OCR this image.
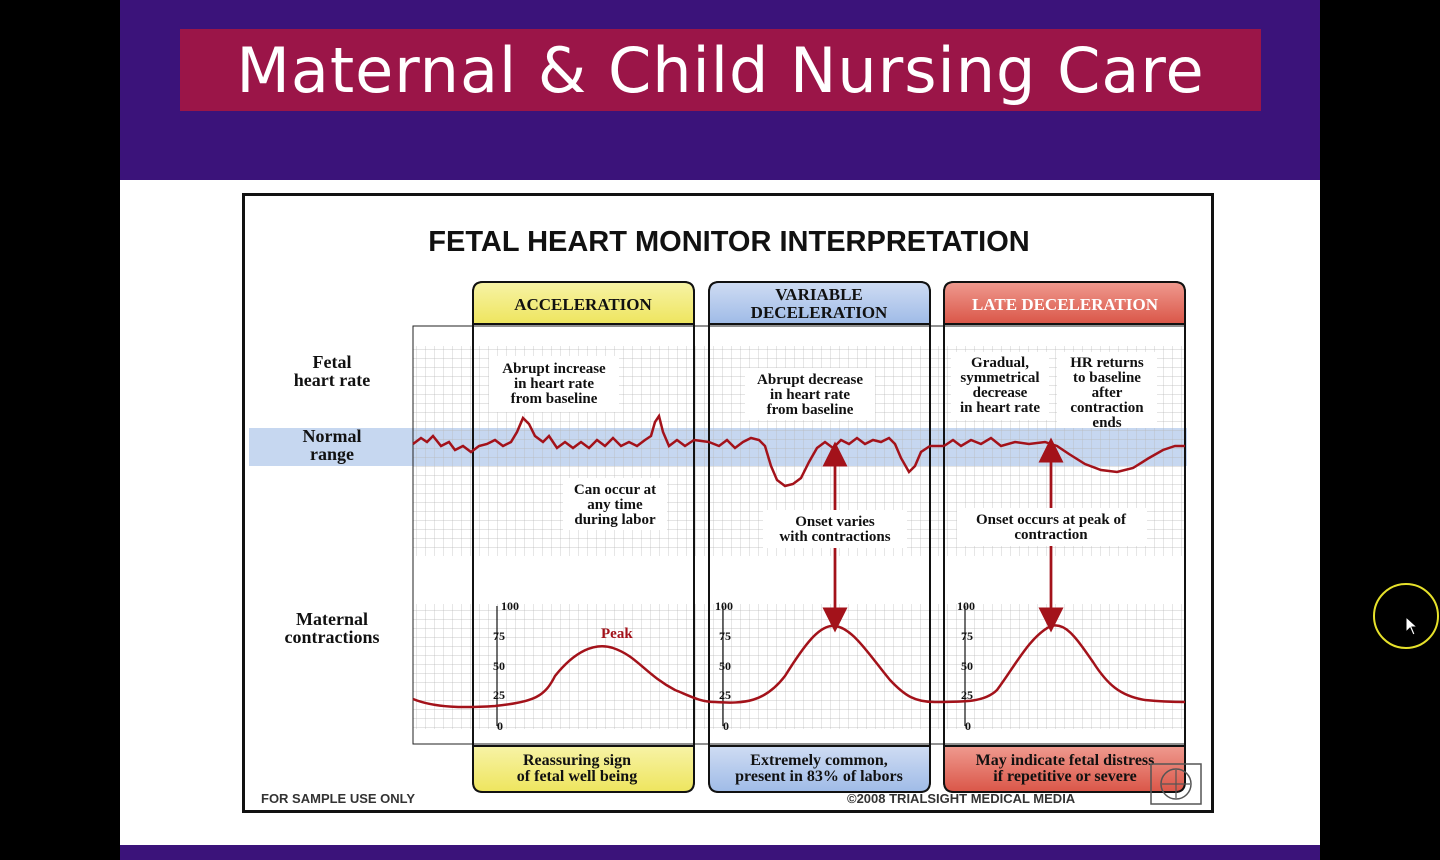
Maternal & Child Nursing Care
FETAL HEART MONITOR INTERPRETATION
ACCELERATION
VARIABLE
DECELERATION	LATE DECELERATION
Fetal
heart rate
Normal
range
Maternal
contractions
100
75
50
25
0
100
75
50
25
0
100
75
50
25
0
Peak
Abrupt increase
in heart rate
from baseline
Can occur at
any time
during labor
Abrupt decrease
in heart rate
from baseline
Onset varies
with contractions
Gradual,
symmetrical
decrease
in heart rate
HR returns
to baseline
after
contraction
ends
Onset occurs at peak of
contraction
Reassuring sign
of fetal well being
Extremely common,
present in 83% of labors
May indicate fetal distress
if repetitive or severe
FOR SAMPLE USE ONLY	©2008 TRIALSIGHT MEDICAL MEDIA
